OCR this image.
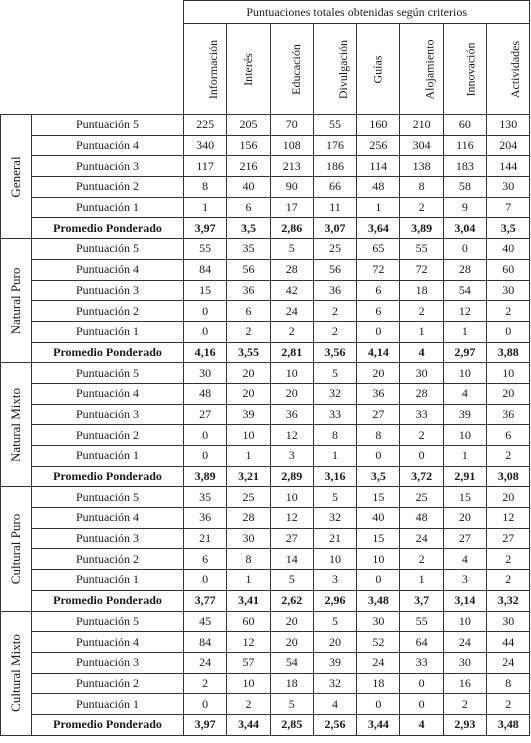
		Puntuaciones totales obtenidas según criterios							
		Información	Interés	Educación	Divulgación	Guías	Alojamiento	Innovación	Actividades

General	Puntuación 5	225	205	70	55	160	210	60	130
	Puntuación 4	340	156	108	176	256	304	116	204
	Puntuación 3	117	216	213	186	114	138	183	144
	Puntuación 2	8	40	90	66	48	8	58	30
	Puntuación 1	1	6	17	11	1	2	9	7
	Promedio Ponderado	3,97	3,5	2,86	3,07	3,64	3,89	3,04	3,5

Natural Puro	Puntuación 5	55	35	5	25	65	55	0	40
	Puntuación 4	84	56	28	56	72	72	28	60
	Puntuación 3	15	36	42	36	6	18	54	30
	Puntuación 2	0	6	24	2	6	2	12	2
	Puntuación 1	0	2	2	2	0	1	1	0
	Promedio Ponderado	4,16	3,55	2,81	3,56	4,14	4	2,97	3,88

Natural Mixto	Puntuación 5	30	20	10	5	20	30	10	10
	Puntuación 4	48	20	20	32	36	28	4	20
	Puntuación 3	27	39	36	33	27	33	39	36
	Puntuación 2	0	10	12	8	8	2	10	6
	Puntuación 1	0	1	3	1	0	0	1	2
	Promedio Ponderado	3,89	3,21	2,89	3,16	3,5	3,72	2,91	3,08

Cultural Puro	Puntuación 5	35	25	10	5	15	25	15	20
	Puntuación 4	36	28	12	32	40	48	20	12
	Puntuación 3	21	30	27	21	15	24	27	27
	Puntuación 2	6	8	14	10	10	2	4	2
	Puntuación 1	0	1	5	3	0	1	3	2
	Promedio Ponderado	3,77	3,41	2,62	2,96	3,48	3,7	3,14	3,32

Cultural Mixto	Puntuación 5	45	60	20	5	30	55	10	30
	Puntuación 4	84	12	20	20	52	64	24	44
	Puntuación 3	24	57	54	39	24	33	30	24
	Puntuación 2	2	10	18	32	18	0	16	8
	Puntuación 1	0	2	5	4	0	0	2	2
	Promedio Ponderado	3,97	3,44	2,85	2,56	3,44	4	2,93	3,48
